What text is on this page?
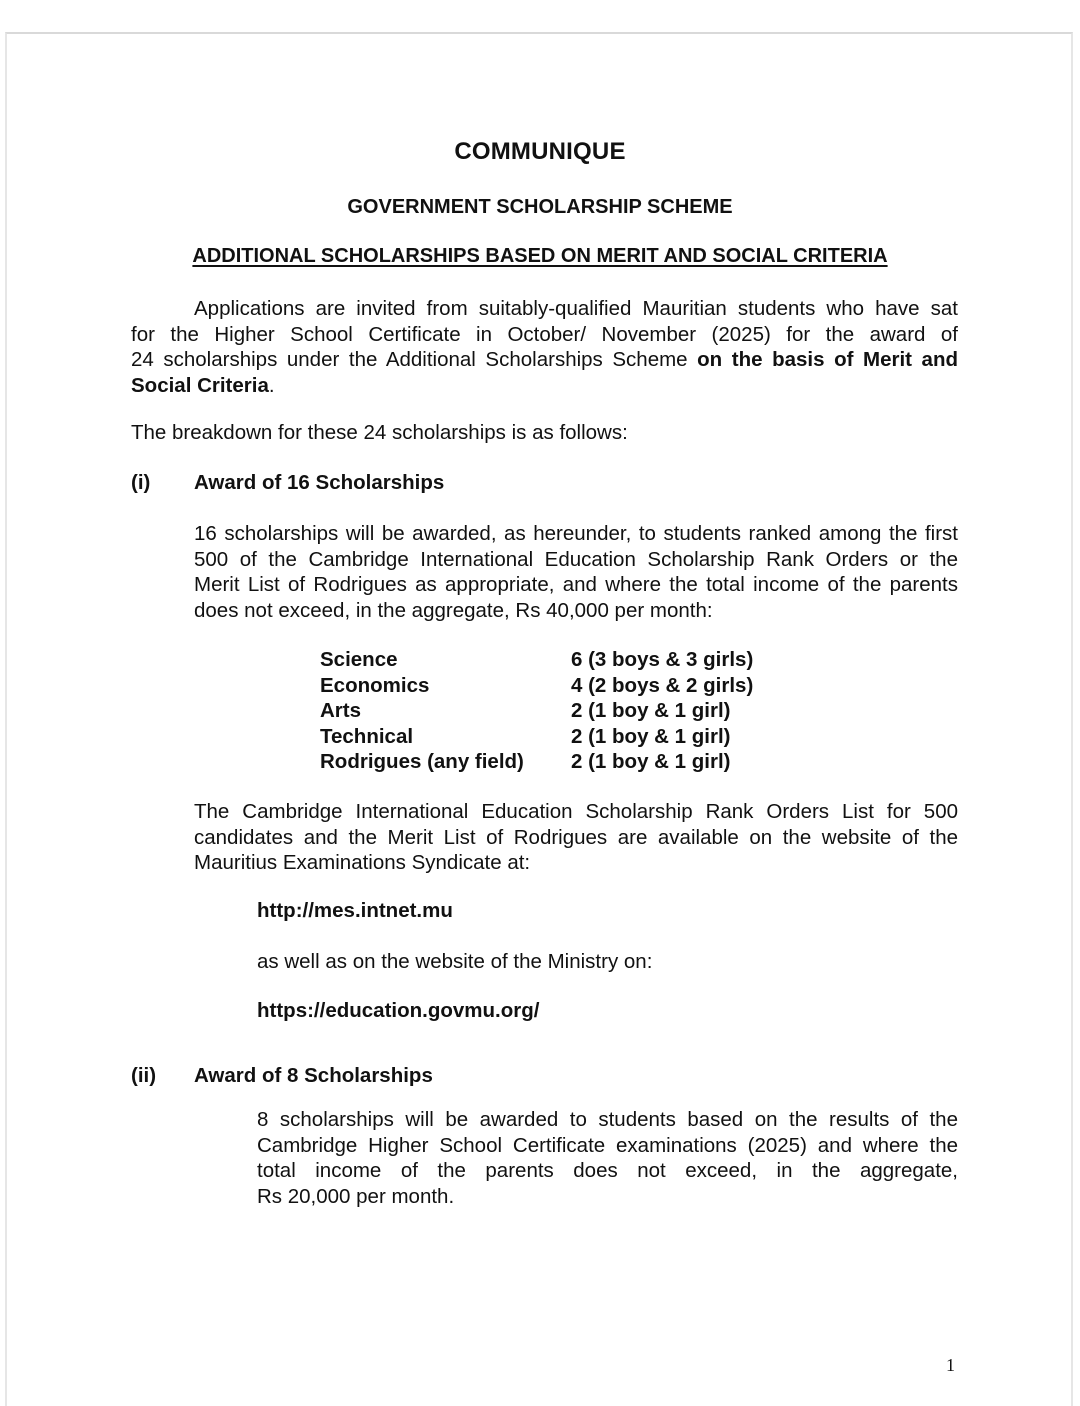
COMMUNIQUE
GOVERNMENT SCHOLARSHIP SCHEME
ADDITIONAL SCHOLARSHIPS BASED ON MERIT AND SOCIAL CRITERIA
Applications are invited from suitably-qualified Mauritian students who have sat
for the Higher School Certificate in October/ November (2025) for the award of
24 scholarships under the Additional Scholarships Scheme on the basis of Merit and
Social Criteria.

The breakdown for these 24 scholarships is as follows:

(i) Award of 16 Scholarships
16 scholarships will be awarded, as hereunder, to students ranked among the first
500 of the Cambridge International Education Scholarship Rank Orders or the
Merit List of Rodrigues as appropriate, and where the total income of the parents
does not exceed, in the aggregate, Rs 40,000 per month:
Science	6 (3 boys & 3 girls)
Economics	4 (2 boys & 2 girls)
Arts	2 (1 boy & 1 girl)
Technical	2 (1 boy & 1 girl)
Rodrigues (any field)	2 (1 boy & 1 girl)
The Cambridge International Education Scholarship Rank Orders List for 500
candidates and the Merit List of Rodrigues are available on the website of the
Mauritius Examinations Syndicate at:
http://mes.intnet.mu
as well as on the website of the Ministry on:
https://education.govmu.org/
(ii) Award of 8 Scholarships
8 scholarships will be awarded to students based on the results of the
Cambridge Higher School Certificate examinations (2025) and where the
total income of the parents does not exceed, in the aggregate,
Rs 20,000 per month.
1
